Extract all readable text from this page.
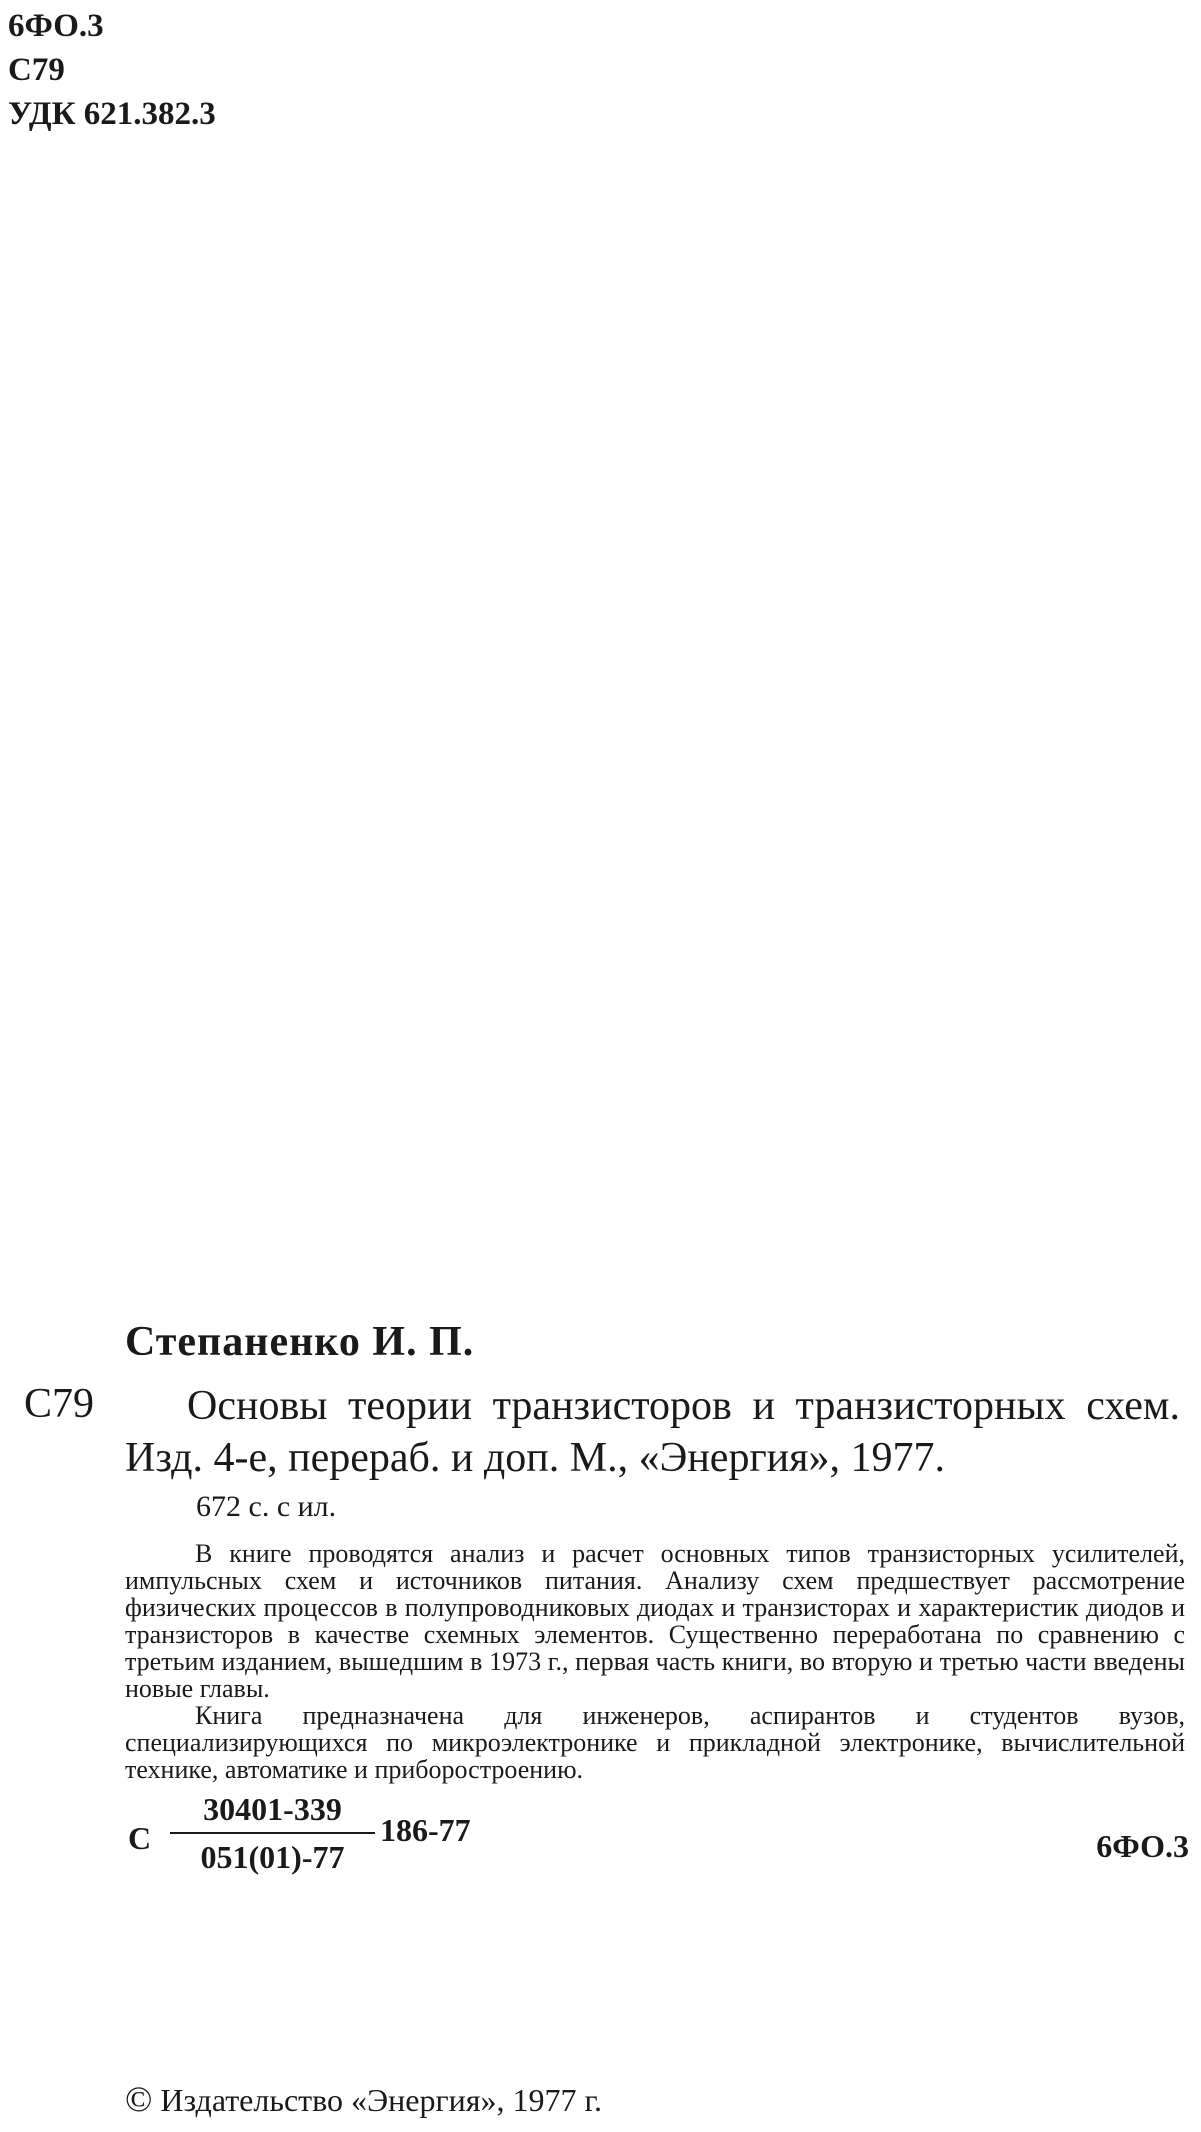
6ФО.3
С79
УДК 621.382.3
Степаненко И. П.
С79	Основы теории транзисторов и транзисторных схем. Изд. 4-е, перераб. и доп. М., «Энергия», 1977.
672 с. с ил.

В книге проводятся анализ и расчет основных типов транзисторных усилителей, импульсных схем и источников питания. Анализу схем предшествует рассмотрение физических процессов в полупроводниковых диодах и транзисторах и характеристик диодов и транзисторов в качестве схемных элементов. Существенно переработана по сравнению с третьим изданием, вышедшим в 1973 г., первая часть книги, во вторую и третью части введены новые главы.

Книга предназначена для инженеров, аспирантов и студентов вузов, специализирующихся по микроэлектронике и прикладной электронике, вычислительной технике, автоматике и приборостроению.

С
30401-339
051(01)-77
186-77	6ФО.3
© Издательство «Энергия», 1977 г.
